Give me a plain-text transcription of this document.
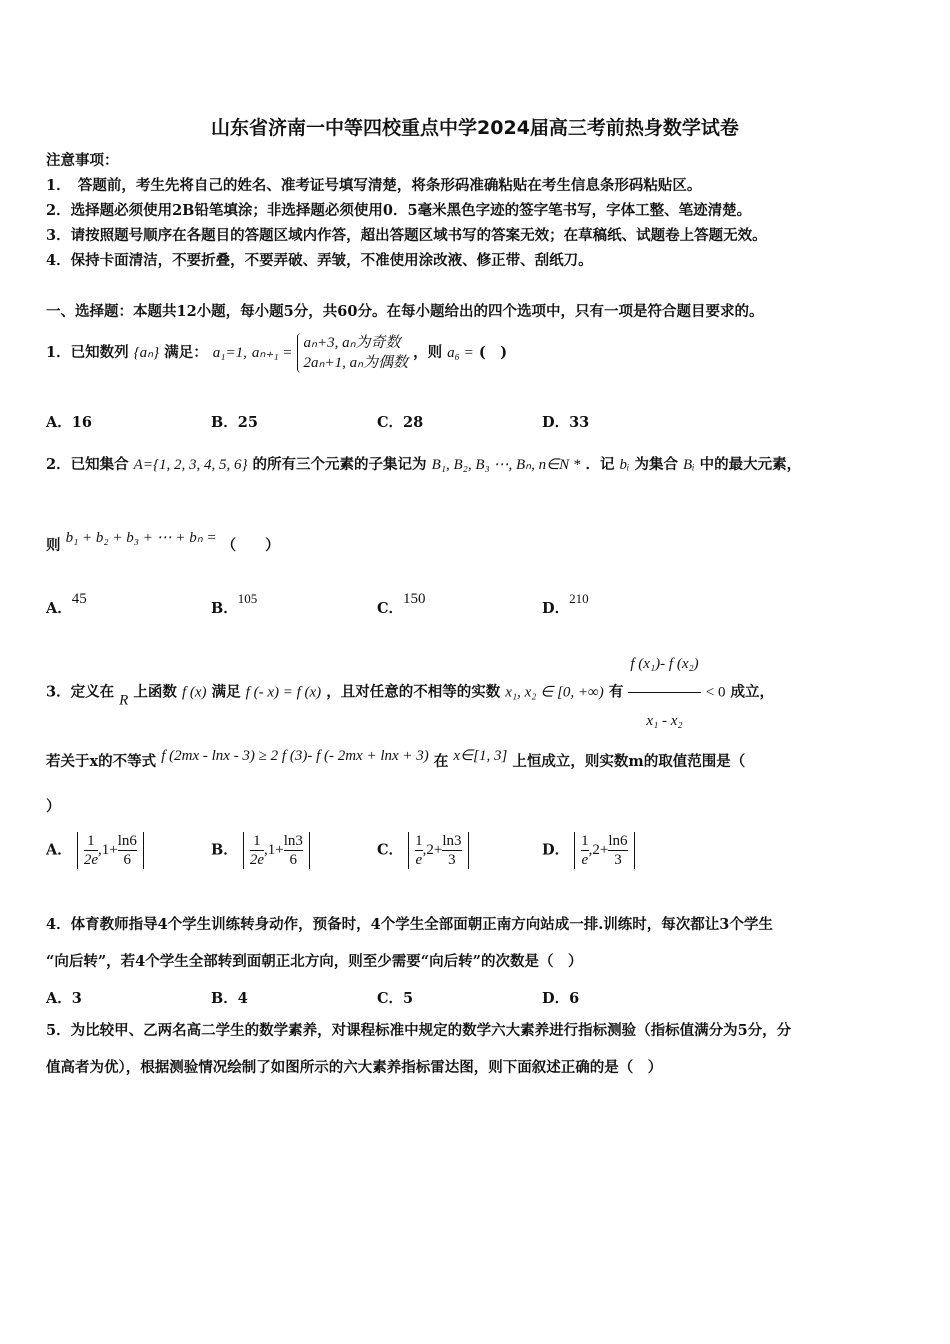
山东省济南一中等四校重点中学2024届高三考前热身数学试卷
注意事项：
1．　答题前，考生先将自己的姓名、准考证号填写清楚，将条形码准确粘贴在考生信息条形码粘贴区。
2．选择题必须使用2B铅笔填涂；非选择题必须使用0．5毫米黑色字迹的签字笔书写，字体工整、笔迹清楚。
3．请按照题号顺序在各题目的答题区域内作答，超出答题区域书写的答案无效；在草稿纸、试题卷上答题无效。
4．保持卡面清洁，不要折叠，不要弄破、弄皱，不准使用涂改液、修正带、刮纸刀。
一、选择题：本题共12小题，每小题5分，共60分。在每小题给出的四个选项中，只有一项是符合题目要求的。
1．已知数列 {aₙ} 满足： a₁=1, aₙ₊₁ =
aₙ+3, aₙ为奇数
2aₙ+1, aₙ为偶数
，则 a₆ = (　)
A．16	B．25	C．28	D．33
2．已知集合 A={1, 2, 3, 4, 5, 6} 的所有三个元素的子集记为 B₁, B₂, B₃ ⋯, Bₙ, n∈N * ．记 bᵢ 为集合 Bᵢ 中的最大元素，
则 b₁ + b₂ + b₃ + ⋯ + bₙ = （　　）
A．45
B．105
C．150
D．210
3．定义在 R 上函数 f (x) 满足 f (- x) = f (x) ，且对任意的不相等的实数 x₁, x₂ ∈ [0, +∞) 有 $\frac{\text{f (x₁)- f (x₂)}}{\text{x₁ - x₂}} < 0$ 成立，
若关于x的不等式 f (2mx - lnx - 3) ≥ 2 f (3)- f (- 2mx + lnx + 3) 在 x∈[1, 3] 上恒成立，则实数m的取值范围是（
）
A． $\frac{1}{2e} ,1+ \frac{\ln 6}{6}$	B． $\frac{1}{2e} ,1+ \frac{\ln 3}{6}$	C． $\frac{1}{e} ,2+ \frac{\ln 3}{3}$	D． $\frac{1}{e} ,2+ \frac{\ln 6}{3}$
4．体育教师指导4个学生训练转身动作，预备时，4个学生全部面朝正南方向站成一排.训练时，每次都让3个学生
“向后转”，若4个学生全部转到面朝正北方向，则至少需要“向后转”的次数是（　）
A．3	B．4	C．5	D．6
5．为比较甲、乙两名高二学生的数学素养，对课程标准中规定的数学六大素养进行指标测验（指标值满分为5分，分
值高者为优），根据测验情况绘制了如图所示的六大素养指标雷达图，则下面叙述正确的是（　）
